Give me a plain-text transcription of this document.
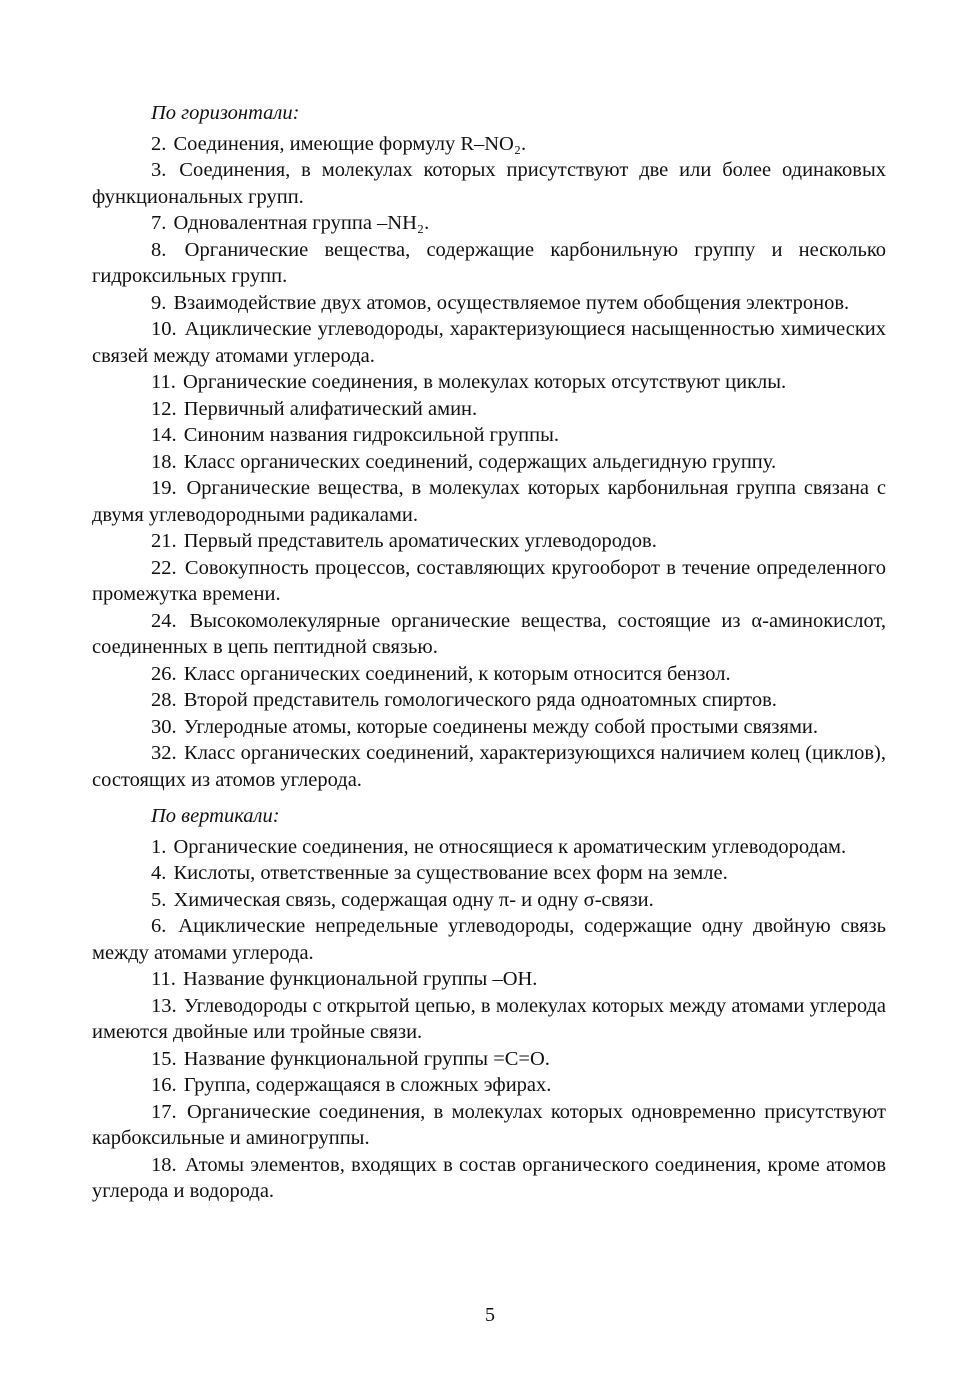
По горизонтали:

2. Соединения, имеющие формулу R–NO₂.

3. Соединения, в молекулах которых присутствуют две или более одинаковых функциональных групп.

7. Одновалентная группа –NH₂.

8. Органические вещества, содержащие карбонильную группу и несколько гидроксильных групп.

9. Взаимодействие двух атомов, осуществляемое путем обобщения электронов.

10. Ациклические углеводороды, характеризующиеся насыщенностью химических связей между атомами углерода.

11. Органические соединения, в молекулах которых отсутствуют циклы.

12. Первичный алифатический амин.

14. Синоним названия гидроксильной группы.

18. Класс органических соединений, содержащих альдегидную группу.

19. Органические вещества, в молекулах которых карбонильная группа связана с двумя углеводородными радикалами.

21. Первый представитель ароматических углеводородов.

22. Совокупность процессов, составляющих кругооборот в течение определенного промежутка времени.

24. Высокомолекулярные органические вещества, состоящие из α-аминокислот, соединенных в цепь пептидной связью.

26. Класс органических соединений, к которым относится бензол.

28. Второй представитель гомологического ряда одноатомных спиртов.

30. Углеродные атомы, которые соединены между собой простыми связями.

32. Класс органических соединений, характеризующихся наличием колец (циклов), состоящих из атомов углерода.

По вертикали:

1. Органические соединения, не относящиеся к ароматическим углеводородам.

4. Кислоты, ответственные за существование всех форм на земле.

5. Химическая связь, содержащая одну π- и одну σ-связи.

6. Ациклические непредельные углеводороды, содержащие одну двойную связь между атомами углерода.

11. Название функциональной группы –OH.

13. Углеводороды с открытой цепью, в молекулах которых между атомами углерода имеются двойные или тройные связи.

15. Название функциональной группы =C=O.

16. Группа, содержащаяся в сложных эфирах.

17. Органические соединения, в молекулах которых одновременно присутствуют карбоксильные и аминогруппы.

18. Атомы элементов, входящих в состав органического соединения, кроме атомов углерода и водорода.

5
